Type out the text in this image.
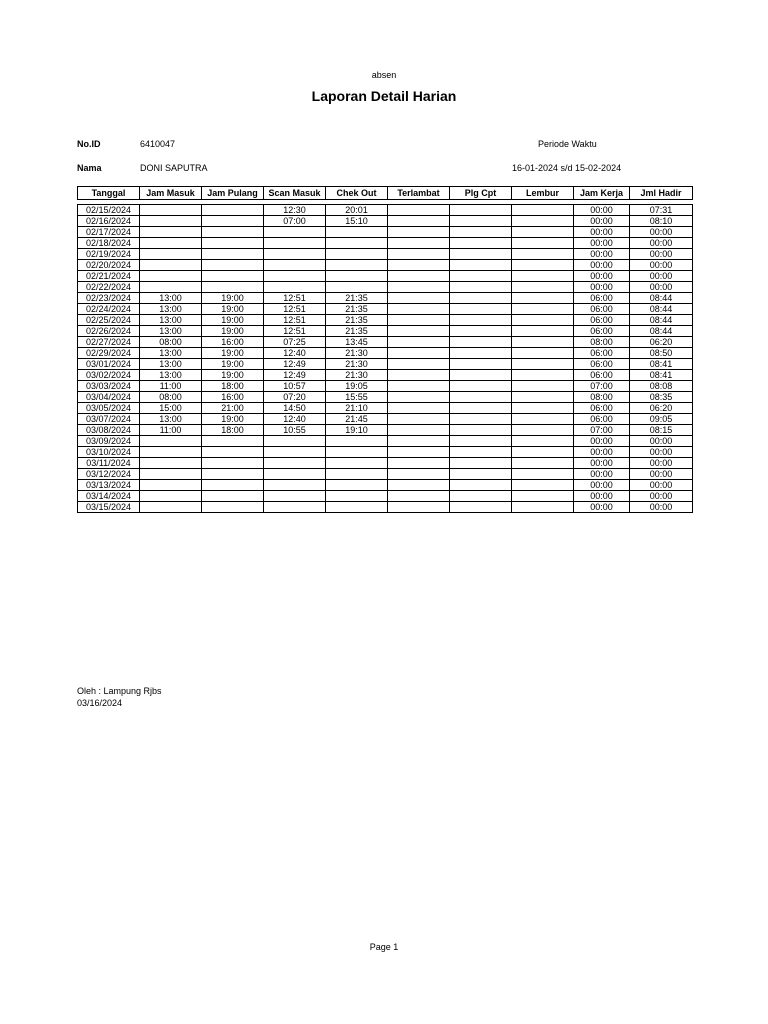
absen
Laporan Detail Harian
No.ID	6410047
Nama	DONI SAPUTRA
Periode Waktu
16-01-2024 s/d 15-02-2024
Tanggal	Jam Masuk	Jam Pulang	Scan Masuk	Chek Out	Terlambat	Plg Cpt	Lembur	Jam Kerja	Jml Hadir

02/15/2024			12:30	20:01				00:00	07:31
02/16/2024			07:00	15:10				00:00	08:10
02/17/2024								00:00	00:00
02/18/2024								00:00	00:00
02/19/2024								00:00	00:00
02/20/2024								00:00	00:00
02/21/2024								00:00	00:00
02/22/2024								00:00	00:00
02/23/2024	13:00	19:00	12:51	21:35				06:00	08:44
02/24/2024	13:00	19:00	12:51	21:35				06:00	08:44
02/25/2024	13:00	19:00	12:51	21:35				06:00	08:44
02/26/2024	13:00	19:00	12:51	21:35				06:00	08:44
02/27/2024	08:00	16:00	07:25	13:45				08:00	06:20
02/29/2024	13:00	19:00	12:40	21:30				06:00	08:50
03/01/2024	13:00	19:00	12:49	21:30				06:00	08:41
03/02/2024	13:00	19:00	12:49	21:30				06:00	08:41
03/03/2024	11:00	18:00	10:57	19:05				07:00	08:08
03/04/2024	08:00	16:00	07:20	15:55				08:00	08:35
03/05/2024	15:00	21:00	14:50	21:10				06:00	06:20
03/07/2024	13:00	19:00	12:40	21:45				06:00	09:05
03/08/2024	11:00	18:00	10:55	19:10				07:00	08:15
03/09/2024								00:00	00:00
03/10/2024								00:00	00:00
03/11/2024								00:00	00:00
03/12/2024								00:00	00:00
03/13/2024								00:00	00:00
03/14/2024								00:00	00:00
03/15/2024								00:00	00:00
Oleh : Lampung Rjbs
03/16/2024
Page 1
